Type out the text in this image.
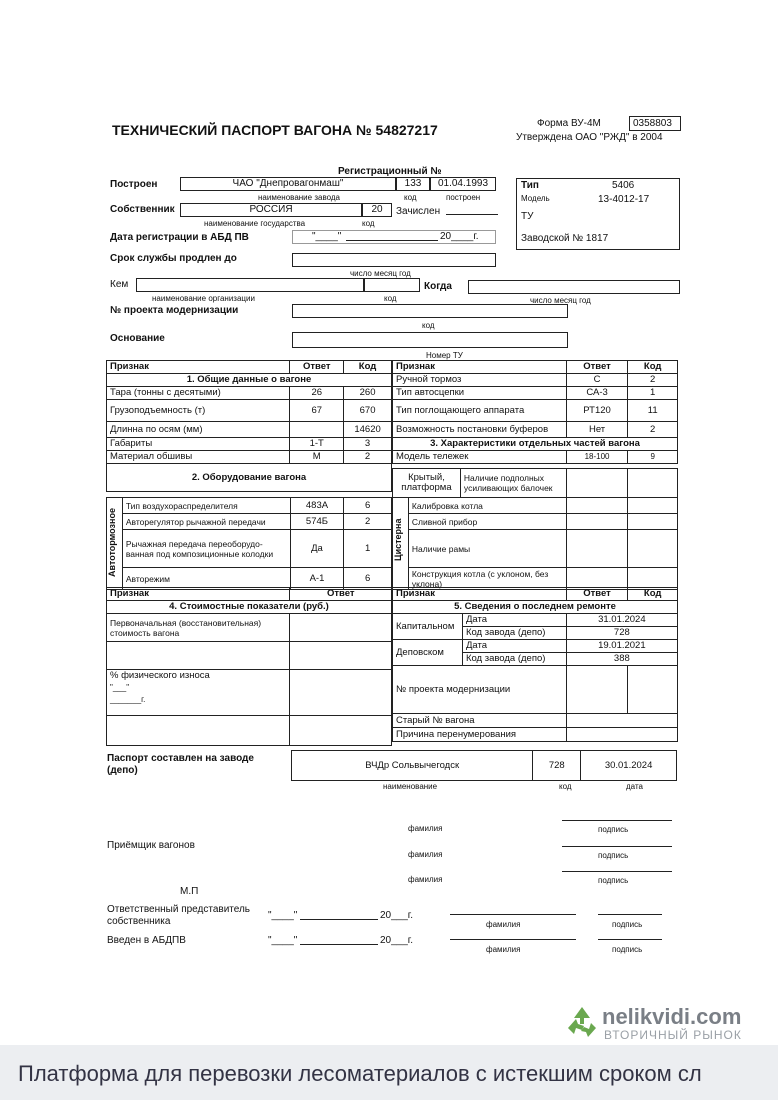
ТЕХНИЧЕСКИЙ ПАСПОРТ ВАГОНА № 54827217	Форма ВУ-4М	0358803
Утверждена ОАО "РЖД" в 2004
Регистрационный №
Построен	ЧАО "Днепровагонмаш"	133	01.04.1993
наименование завода	код	построен
Собственник	РОССИЯ	20	Зачислен
наименование государства	код
Дата регистрации в АБД ПВ	"____"	20____г.
Срок службы продлен до
число месяц год
Кем	Когда
наименование организации	код	число месяц год
№ проекта модернизации
код
Основание
Номер ТУ
Тип	5406
Модель	13-4012-17
ТУ
Заводской № 1817
Признак	Ответ	Код
1. Общие данные о вагоне		
Тара (тонны с десятыми)	26	260
Грузоподъемность (т)	67	670
Длинна по осям (мм)		14620
Габариты	1-Т	3
Материал обшивы	М	2
2. Оборудование вагона		
	Тип воздухораспределителя	483А	6
	Авторегулятор рычажной передачи	574Б	2
	Рычажная передача переоборудо-ванная под композиционные колодки	Да	1
	Авторежим	А-1	6
Автотормозное
Признак	Ответ	Код
Ручной тормоз	С	2
Тип автосцепки	СА-3	1
Тип поглощающего аппарата	РТ120	11
Возможность постановки буферов	Нет	2
3. Характеристики отдельных частей вагона		
Модель тележек	18-100	9
Крытый, платформа	Наличие подполных усиливающих балочек		
	Калибровка котла		
	Сливной прибор		
	Наличие рамы		
	Конструкция котла (с уклоном, без уклона)		
Цистерна
Признак	Ответ
4. Стоимостные показатели (руб.)	
Первоначальная (восстановительная) стоимость вагона	

% физического износа
"___"
_______г.	

Признак		Ответ	Код
5. Сведения о последнем ремонте			
Капитальном	Дата	31.01.2024	
	Код завода (депо)	728	
Деповском	Дата	19.01.2021	
	Код завода (депо)	388	
№ проекта модернизации			
Старый № вагона			
Причина перенумерования			
Паспорт составлен на заводе (депо)	ВЧДр Сольвычегодск	728	30.01.2024
наименование	код	дата
Приёмщик вагонов
фамилия	подпись
фамилия	подпись
фамилия	подпись
М.П
Ответственный представитель собственника
"____"	20___г.
фамилия	подпись
Введен в АБДПВ	"____"	20___г.
фамилия	подпись
nelikvidi.com
ВТОРИЧНЫЙ РЫНОК
Платформа для перевозки лесоматериалов с истекшим сроком сл
